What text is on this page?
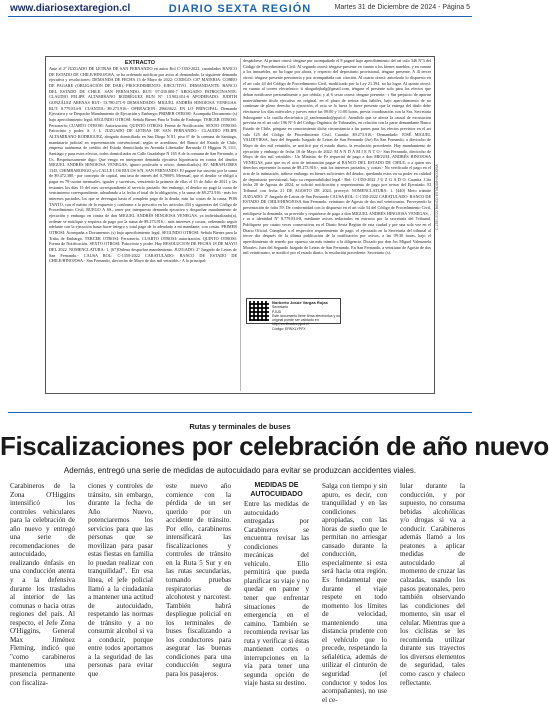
www.diariosextaregion.cl	DIARIO SEXTA REGIÓN	Martes 31 de Diciembre de 2024 - Página 5
EXTRACTO
Ante el 2º JUZGADO DE LETRAS DE SAN FERNANDO en autos Rol C-1350-2022, caratulados BANCO DE ESTADO DE CHILE/HINOJOSA, se ha ordenado notificar por aviso al demandado, la siguiente demanda ejecutiva y resoluciones: DEMANDA DE FECHA 13 de Mayo de 2022: CODIGO: C07 MATERIA: COBRO DE PAGARE (OBLIGACIÓN DE DAR). PROCEDIMIENTO: EJECUTIVO. DEMANDANTE: BANCO DEL ESTADO DE CHILE, SAN FERNANDO, RUT: 97.030.000-7 ABOGADO PATROCINANTE: CLAUDIO FELIPE ALTAMIRANO RODRÍGUEZ RUN Nº: 13.902.651-6 APODERADO: JUDITH GONZÁLEZ ARENAS RUT: 13.780.471-9 DEMANDADO: MIGUEL ANDRÉS HINOJOSA VENEGAS. RUT: 8.779.814-8. CUANTIA: $9.273.916.- OPERACION: 29663622. EN LO PRINCIPAL: Demanda Ejecutiva y se Despache Mandamiento de Ejecución y Embargo; PRIMER OTROSI: Acompaña Documento (s) bajo apercibimiento legal; SEGUNDO OTROSI: Señala Bienes Para la Traba de Embargo; TERCER OTROSI: Personería; CUARTO OTROSI: Autorización; QUINTO OTROSI: Forma de Notificación; SEXTO OTROSI: Patrocinio y poder. S. J. L. JUZGADO DE LETRAS DE SAN FERNANDO.- CLAUDIO FELIPE ALTAMIRANO RODRIGUEZ, abogado domiciliado en San Diego N 81, piso 6º de la comuna de Santiago, mandatario judicial en representación convencional, según se acreditara, del Banco del Estado de Chile, empresa autónoma de crédito del Estado domiciliada en Avenida Libertador Bernardo O Higgins N 1111, Santiago y para estos efectos, todos domiciliados en Calle Guadalupe N 165 A de la comuna de San Fernando, a Us. Respetuosamente digo: Que vengo en interponer demanda ejecutiva hipotecaria en contra del deudor MIGUEL ANDRÉS HINOJOSA VENEGAS, ignoro profesión u oficio, domiciliado(s) AV. MIRAFLORES 1345, CHIMBARONGO y/o CALLE LOS RULOS S/N, SAN FERNANDO. El pagaré fue suscrito por la suma de $9.472.380.- por concepto de capital, una tasa de interés del 0,7900% Mensual, que el deudor se obligó a pagar en 79 cuotas mensuales, iguales y sucesivas, venciendo la primera de ellas el 15 de Julio de 2021 y las restantes los días 15 del mes correspondiente al servicio pactado. Sin embargo, el deudor no pagó la cuota de vencimiento correspondiente, adeudando a la fecha el total de la obligación, y la suma de $9.273.916.- más los intereses pactados, los que se devengan hasta el completo pago de la deuda, más las costas de la causa. POR TANTO, con el mérito de lo expuesto y conforme a lo prescrito en los artículos 434 y siguientes del Código de Procedimiento Civil, RUEGO A SS., tener por interpuesta demanda ejecutiva y despachar mandamiento de ejecución y embargo en contra de don MIGUEL ANDRÉS HINOJOSA VENEGAS, ya individualizado(a), ordenar se notifique y requiera de pago por la suma de $9.273.916.-, más intereses y costas, ordenando seguir adelante con la ejecución hasta hacer íntegro y total pago de lo adeudado a mi mandante, con costas. PRIMER OTROSI: Acompaña a Documentos (s) bajo apercibimiento legal. SEGUNDO OTROSI: Señala Bienes para la Traba de Embargo. TERCER OTROSI: Personería. CUARTO OTROSI: autorización. QUINTO OTROSI: Forma de Notificación. SEXTO OTROSI: Patrocinio y poder. Hay RESOLUCION DE FECHA 18 DE MAYO DEL 2022. NOMENCLATURA: 1. [67]Ordena despachar mandamiento. JUZGADO: 2º Juzgado de Letras de San Fernando.- CAUSA ROL: C-1350-2022 CARATULADO: BANCO DE ESTADO DE CHILE/HINOJOSA.- San Fernando, dieciocho de Mayo de dos mil veintidós.- A lo principal:
despáchese. Al primer otrosí: téngase por acompañado el 8 pagaré bajo apercibimiento del art culo 346 Nº3 del Código de Procedimiento Civil. Al segundo otrosí: téngase presente en cuanto a los bienes muebles, y en cuanto a los inmuebles, no ha lugar por ahora, y respecto del depositario provisional, téngase presente. A 4l tercer otrosí: téngase presente personería y por acompañada con citación. Al cuarto otrosí: autorízalo lo dispuesto en el art culo 44 del Código de Procedimiento Civil, modificado por la Ley 21.394, no ha lugar. Al quinto otrosí: en cuanto al correo electrónico: ti abogadojbalg@gmail.com, téngase el presente solo para los efectos que deban notificarse personalmente o por cédula; y al 6 sexto otrosí: téngase presente.- t Sin perjuicio de aportar materialmente título ejecutivo en original, en el plazo de treinta días hábiles, bajo apercibimiento de no continuar de pleno derecho la ejecución, el acto se lo fuera lo fuere presente que la entrega del título debe efectuarse los días miércoles y jueves entre las 09:00 y 11:00 horas, previa coordinación con la Sra. Secretaria Subrogante a la casilla electrónica j2_sanfernando@pjud.cl. Atendido que se afecta la causal de excusación prevista en el art culo 196 Nº 6 del Código Orgánico de Tribunales, en relación con la parte demandante Banco Estado de Chile, póngase en conocimiento dicha circunstancia a las partes para los efectos previstos en el art culo 125 del Código de Procedimiento Civil. Cuantía: $9.273.916.- Demandado: JOSÉ MIGUEL VALDIVIESA, Juez del Segundo Juzgado de Letras de San Fernando (Jse) En San Fernando, a dieciocho de Mayo de dos mil veintidós, se notificó por el estado diario, la resolución precedente. Hay mandamiento de ejecución y embargo de fecha 18 de Mayo de 2022: M A N D A M I E N T O.- San Fernando, dieciocho de Mayo de dos mil veintidós.- Un Ministro de Fe requerirá de pago a don MIGUEL ANDRÉS HINOJOSA VENEGAS, para que en el acto de intimación pague al BANCO DEL ESTADO DE CHILE, o a quien sus derechos represente la suma de $9.273.916.-, más los intereses pactados, y costas.- No verificado el pago en el acto de la intimación, trábese embargo en bienes suficientes del deudor, quedando estos en su poder en calidad de depositario provisional, bajo su responsabilidad legal.- Rol: C-1350-2022 J U Z G A D O: Cuantía: Cita fecha 20 de Agosto de 2024, se solicitó notificación y requerimiento de pago por avisos del Ejecutado. El Tribunal con fecha 21 DE AGOSTO DE 2024, proveyó: NOMENCLATURA: 1. [440] Mero trámite JUZGADO: 2º Juzgado de Letras de San Fernando CAUSA ROL: C-1350-2022 CARATULADO: BANCO DE ESTADO DE CHILE/HINOJOSA San Fernando, veintiuno de Agosto de dos mil veinticuatro. Proveyendo la presentación de folio 59: De conformidad con lo dispuesto en el art culo 54 del Código de Procedimiento Civil, notifíquese la demanda, su proveído y requiérase de pago a don MIGUEL ANDRÉS HINOJOSA VENEGAS, , r ut n identidad Nº 8.779.814-8, mediante avisos redactados en extracto por la secretaría del Tribunal. Publíquese por cuatro veces consecutivas en el Diario Sexta Región de esta ciudad y por una sola vez en el Diario Oficial. Cúmplase a el respectivo requerimiento de pago, el ejecutado en la Secretaría del tribunal al tercer día después de la última publicación de la notificación por avisos, a las 09:30 horas, bajo el apercibimiento de tenerlo por opuesto sin más trámite a la diligencia. Dictado por don Jos Miguel Valenzuela Morales, Juez del Segundo Juzgado de Letras de San Fernando. En San Fernando, a veintiuno de Agosto de dos mil veinticuatro, se notificó por el estado diario, la resolución precedente. Secretario (s).
Norberto Josúe Vargas Rojas
Secretario
PJUD
Este documento tiene firma electrónica y su original puede ser validado en http://verificadoc.pjud.cl
Código: ERNXLYPFX
C-1350-2022 BANCO ESTADO/HINOJOSA
Rutas y terminales de buses
Fiscalizaciones por celebración de año nuevo
Además, entregó una serie de medidas de autocuidado para evitar se produzcan accidentes viales.
Carabineros de la Zona O'Higgins intensificó los controles vehiculares para la celebración de año nuevo y entregó una serie de recomendaciones de autocuidado, realizando énfasis en una conducción atenta y a la defensiva durante los traslados al interior de las comunas o hacia otras regiones del país. Al respecto, el Jefe Zona O'Higgins, General Max Jiménez Fleming, indicó que "como carabineros mantenemos una presencia permanente con fiscaliza-
ciones y controles de tránsito, sin embargo, durante la fecha de Año Nuevo, potenciaremos los servicios para que las personas que se movilizan para pasar estas fiestas en familia lo puedan realizar con tranquilidad". En esa línea, el jefe policial llamó a la ciudadanía a mantener una actitud de autocuidado, respetando las normas de tránsito y a no consumir alcohol si va a conducir, porque entre todos aportamos a la seguridad de las personas para evitar que
este nuevo año comience con la pérdida de un ser querido por un accidente de tránsito. Por ello, carabineros intensificará las fiscalizaciones y controles de tránsito en la Ruta 5 Sur y en las rutas secundarias, tomando pruebas respiratorias de alcohotest y narcotest. También habrá despliegue policial en los terminales de buses fiscalizando a los conductores para asegurar las buenas condiciones para una conducción segura para los pasajeros.
MEDIDAS DE AUTOCUIDADO
Entre las medidas de autocuidado entregadas por Carabineros se encuentra revisar las condiciones mecánicas del vehículo. Ello permitirá que pueda planificar su viaje y no quedar en panne y tener que enfrentar situaciones de emergencia en el camino. También se recomienda revisar las ruta y verificar si éstas mantienen cortes o interrupciones en la vía para tener una segunda opción de viaje hasta su destino.
Salga con tiempo y sin apuro, es decir, con tranquilidad y en las condiciones apropiadas, con las horas de sueño que le permitan no arriesgar cansado durante la conducción, especialmente si esta será hacia otra región. Es fundamental que durante el viaje respete en todo momento los límites de velocidad, manteniendo una distancia prudente con el vehículo que lo precede, respetando la señalética, además de utilizar el cinturón de seguridad (el conductor y todos los acompañantes), no use el ce-
lular durante la conducción, y por supuesto, no consuma bebidas alcohólicas y/o drogas si va a conducir. Carabineros además llamó a los peatones a aplicar medidas de autocuidado al momento de cruzar las calzadas, usando los pasos peatonales, pero también observando las condiciones del momento, sin usar el celular. Mientras que a los ciclistas se les recomienda utilizar durante sus trayectos los diversos elementos de seguridad, tales como casco y chaleco reflectante.
